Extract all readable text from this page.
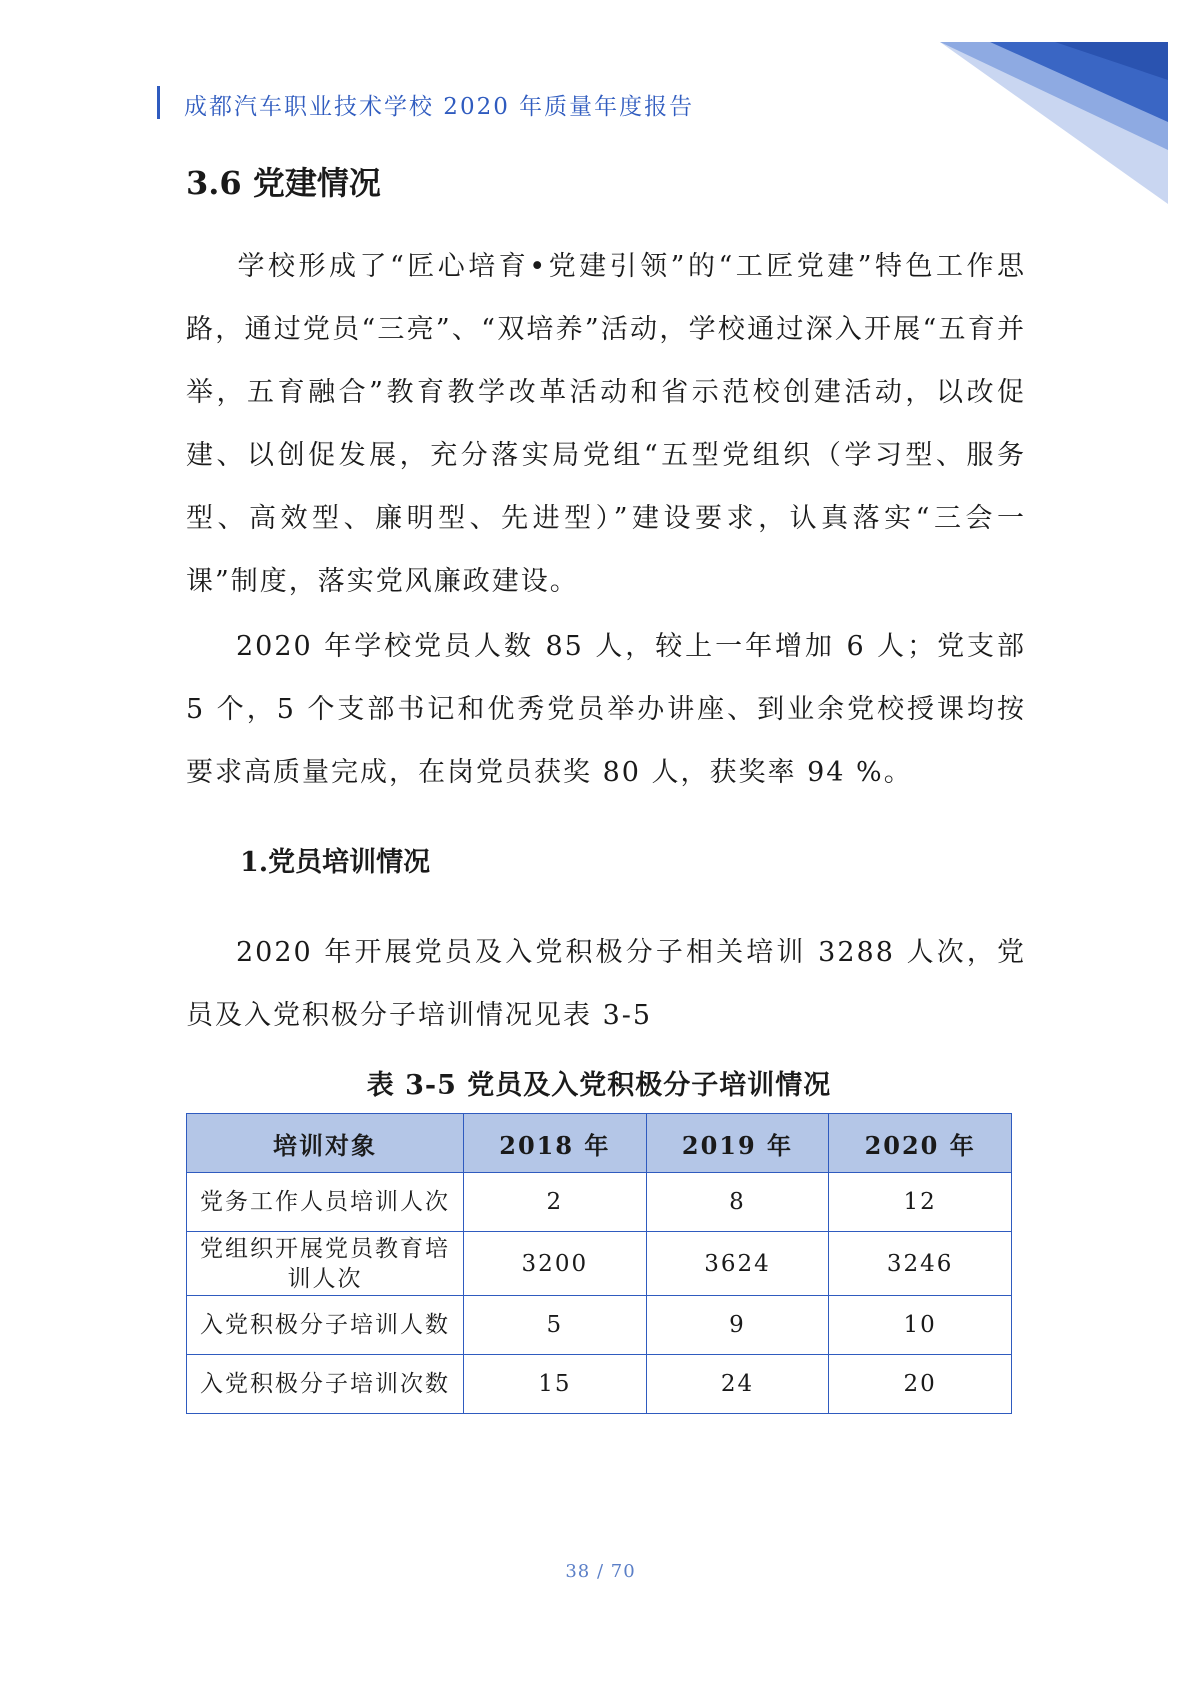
成都汽车职业技术学校 2020 年质量年度报告
3.6 党建情况

学校形成了“匠心培育•党建引领”的“工匠党建”特色工作思路，通过党员“三亮”、“双培养”活动，学校通过深入开展“五育并举，五育融合”教育教学改革活动和省示范校创建活动，以改促建、以创促发展，充分落实局党组“五型党组织（学习型、服务型、高效型、廉明型、先进型）”建设要求，认真落实“三会一课”制度，落实党风廉政建设。

2020 年学校党员人数 85 人，较上一年增加 6 人；党支部 5 个，5 个支部书记和优秀党员举办讲座、到业余党校授课均按要求高质量完成，在岗党员获奖 80 人，获奖率 94 %。

1.党员培训情况

2020 年开展党员及入党积极分子相关培训 3288 人次，党员及入党积极分子培训情况见表 3-5

表 3-5 党员及入党积极分子培训情况
培训对象	2018 年	2019 年	2020 年
党务工作人员培训人次	2	8	12
党组织开展党员教育培训人次	3200	3624	3246
入党积极分子培训人数	5	9	10
入党积极分子培训次数	15	24	20
38 / 70
